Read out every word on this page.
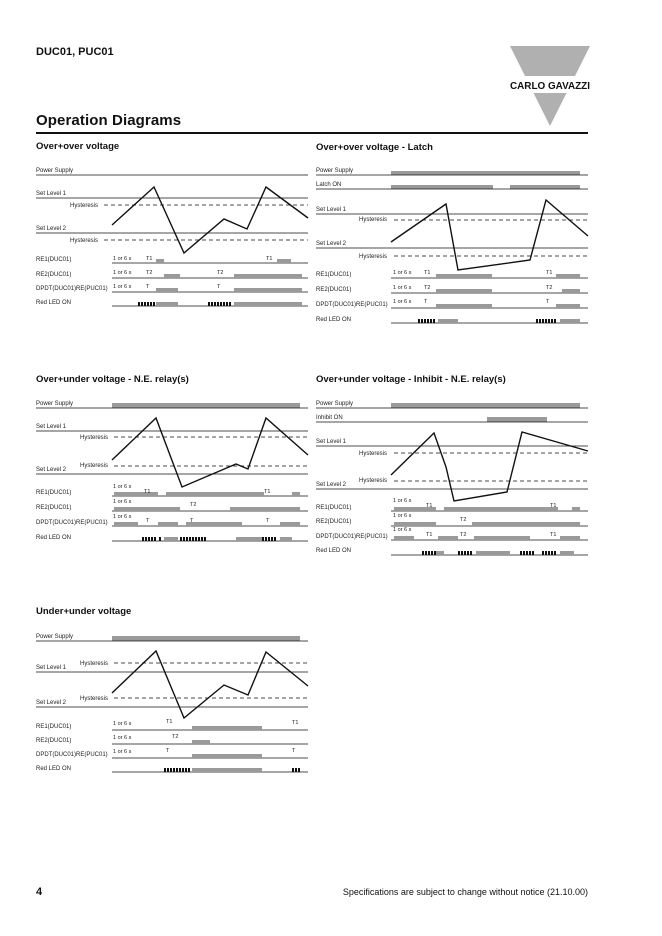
DUC01, PUC01
CARLO GAVAZZI
Operation Diagrams
Over+over voltage
Power Supply
Set Level 1
Hysteresis
Set Level 2
Hysteresis
RE1(DUC01)
RE2(DUC01)
DPDT(DUC01)RE(PUC01)
Red LED ON
1 or 6 s
1 or 6 s
1 or 6 s
T1
T2
T
T2
T
T1
Over+over voltage - Latch
Power Supply
Latch ON
Set Level 1
Hysteresis
Set Level 2
Hysteresis
RE1(DUC01)
RE2(DUC01)
DPDT(DUC01)RE(PUC01)
Red LED ON
1 or 6 s
1 or 6 s
1 or 6 s
T1
T2
T
T1
T2
T
Over+under voltage - N.E. relay(s)
Power Supply
Set Level 1
Hysteresis
Set Level 2
Hysteresis
RE1(DUC01)
RE2(DUC01)
DPDT(DUC01)RE(PUC01)
Red LED ON
1 or 6 s
1 or 6 s
1 or 6 s
T1
T2
T	T
T1
T
Over+under voltage - Inhibit - N.E. relay(s)
Power Supply
Inhibit ON
Set Level 1
Hysteresis
Set Level 2
Hysteresis
RE1(DUC01)
RE2(DUC01)
DPDT(DUC01)RE(PUC01)
Red LED ON
1 or 6 s
1 or 6 s
1 or 6 s
T1
T2
T1
T1
T2	T1
Under+under voltage
Power Supply
Set Level 1
Hysteresis
Set Level 2
Hysteresis
RE1(DUC01)
RE2(DUC01)
DPDT(DUC01)RE(PUC01)
Red LED ON
1 or 6 s
1 or 6 s
1 or 6 s
T1
T2
T
T1
T
4	Specifications are subject to change without notice (21.10.00)
